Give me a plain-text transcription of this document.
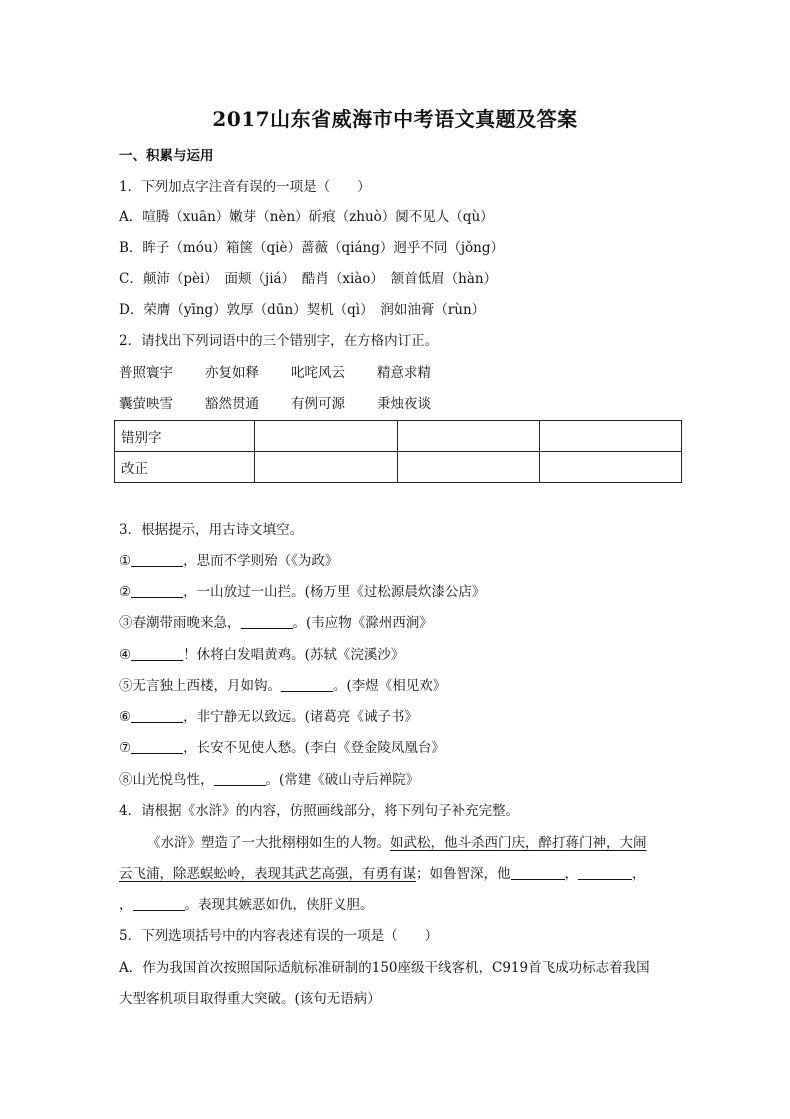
2017山东省威海市中考语文真题及答案
一、积累与运用
1．下列加点字注音有误的一项是（　　）
A．喧腾（xuān）嫩芽（nèn）斫痕（zhuò）阒不见人（qù）
B．眸子（móu）箱箧（qiè）蔷薇（qiáng）迥乎不同（jǒng）
C．颠沛（pèi）　面颊（jiá）　酷肖（xiào）　颔首低眉（hàn）
D．荣膺（yīng）敦厚（dūn）契机（qì）　润如油膏（rùn）
2．请找出下列词语中的三个错别字，在方格内订正。
普照寰宇 亦复如释 叱咤风云 精意求精
囊萤映雪 豁然贯通 有例可源 秉烛夜谈
错别字			
改正			
3．根据提示，用古诗文填空。
①	，思而不学则殆（《为政》
②	，一山放过一山拦。(杨万里《过松源晨炊漆公店》
③春潮带雨晚来急，	。(韦应物《滁州西涧》
④	！休将白发唱黄鸡。(苏轼《浣溪沙》
⑤无言独上西楼，月如钩。	。(李煜《相见欢》
⑥	，非宁静无以致远。(诸葛亮《诫子书》
⑦	，长安不见使人愁。(李白《登金陵凤凰台》
⑧山光悦鸟性，	。(常建《破山寺后禅院》
4．请根据《水浒》的内容，仿照画线部分，将下列句子补充完整。
《水浒》塑造了一大批栩栩如生的人物。如武松，他斗杀西门庆，醉打蒋门神，大闹
云飞浦，除恶蜈蚣岭，表现其武艺高强，有勇有谋；如鲁智深，他	，	，
，	。表现其嫉恶如仇，侠肝义胆。
5．下列选项括号中的内容表述有误的一项是（　　）
A．作为我国首次按照国际适航标准研制的150座级干线客机，C919首飞成功标志着我国
大型客机项目取得重大突破。(该句无语病）
